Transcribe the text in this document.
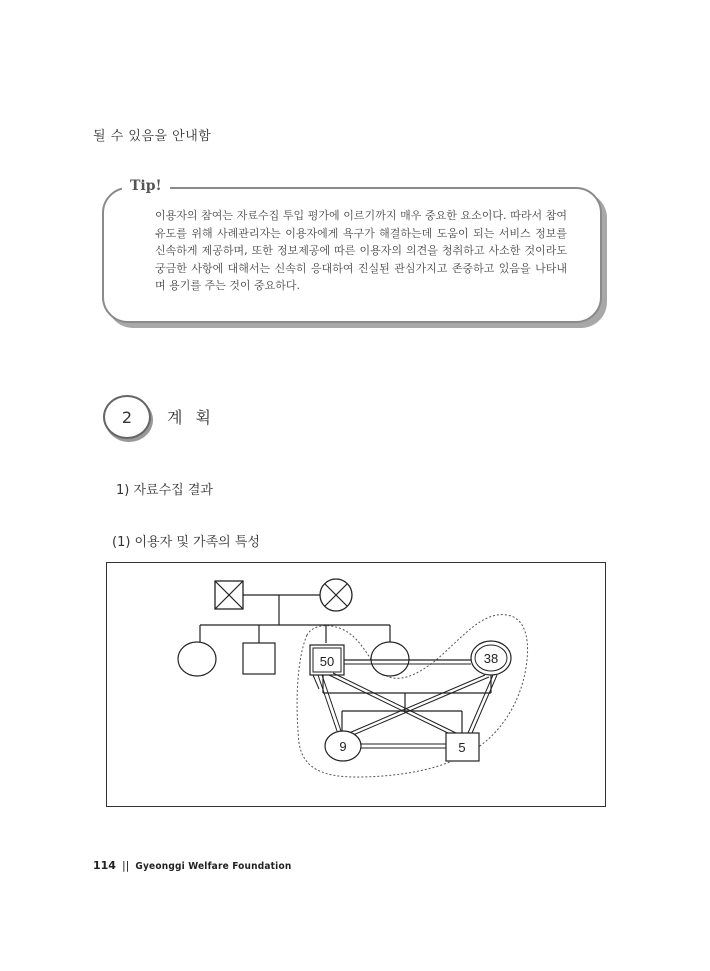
될 수 있음을 안내함
Tip!
이용자의 참여는 자료수집 투입 평가에 이르기까지 매우 중요한 요소이다. 따라서 참여 유도를 위해 사례관리자는 이용자에게 욕구가 해결하는데 도움이 되는 서비스 정보를 신속하게 제공하며, 또한 정보제공에 따른 이용자의 의견을 청취하고 사소한 것이라도 궁금한 사항에 대해서는 신속히 응대하여 진실된 관심가지고 존중하고 있음을 나타내며 용기를 주는 것이 중요하다.
2	계 획
1) 자료수집 결과
(1) 이용자 및 가족의 특성
50	38
9	5
114 || Gyeonggi Welfare Foundation
